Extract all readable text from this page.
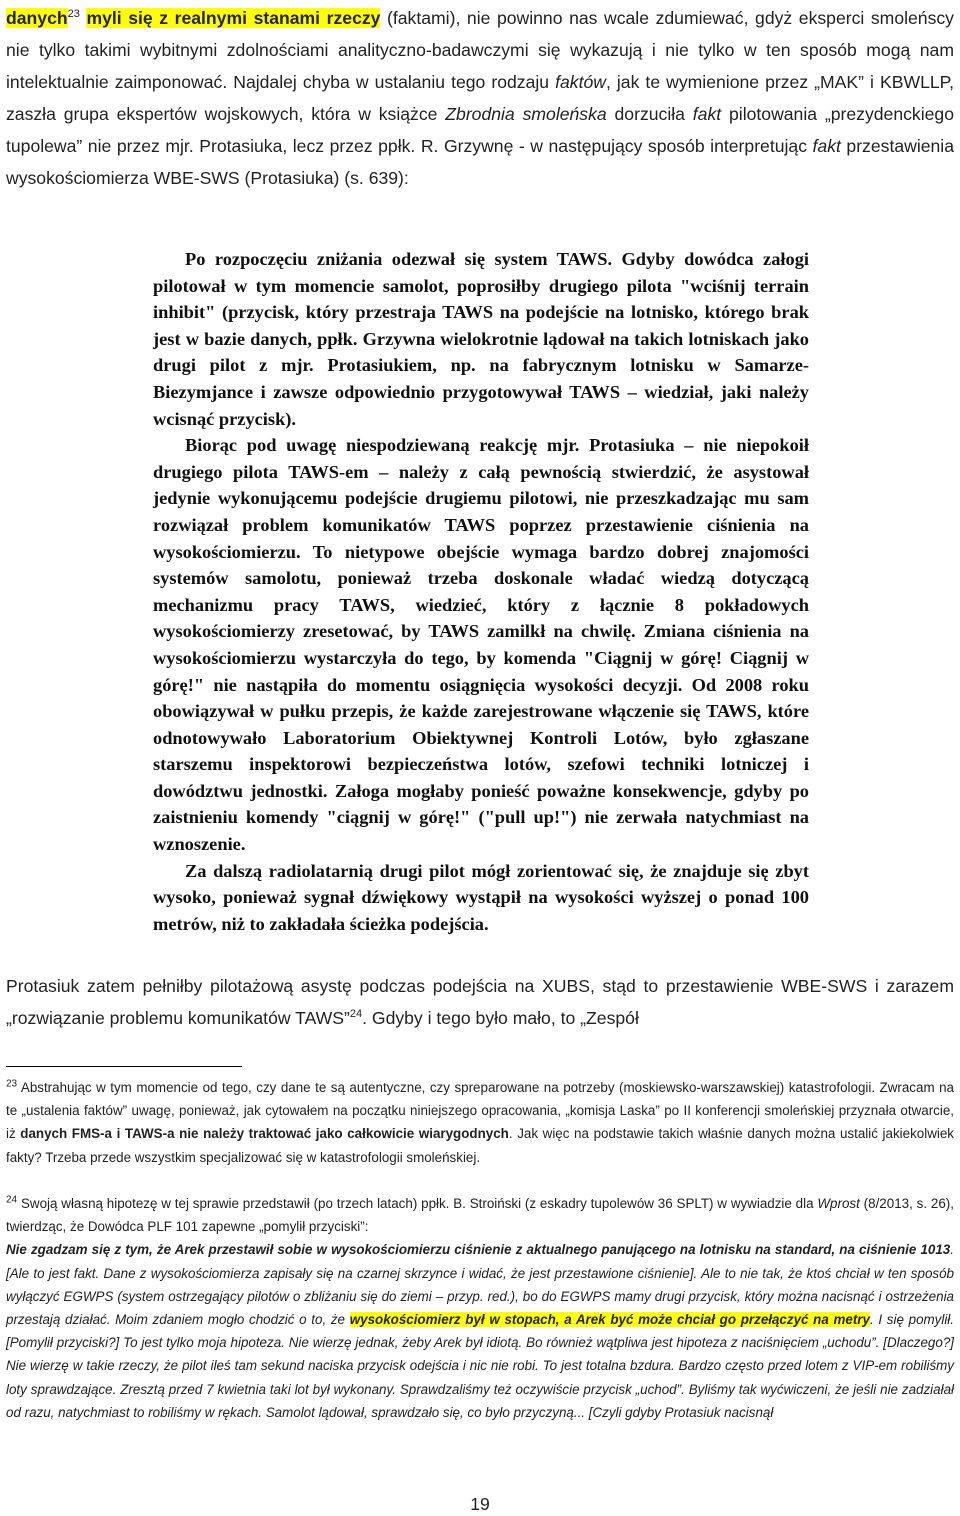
danych$^{23}$ myli się z realnymi stanami rzeczy (faktami), nie powinno nas wcale zdumiewać, gdyż eksperci smoleńscy nie tylko takimi wybitnymi zdolnościami analityczno-badawczymi się wykazują i nie tylko w ten sposób mogą nam intelektualnie zaimponować. Najdalej chyba w ustalaniu tego rodzaju faktów, jak te wymienione przez „MAK” i KBWLLP, zaszła grupa ekspertów wojskowych, która w książce Zbrodnia smoleńska dorzuciła fakt pilotowania „prezydenckiego tupolewa” nie przez mjr. Protasiuka, lecz przez ppłk. R. Grzywnę - w następujący sposób interpretując fakt przestawienia wysokościomierza WBE-SWS (Protasiuka) (s. 639):

Po rozpoczęciu zniżania odezwał się system TAWS. Gdyby dowódca załogi pilotował w tym momencie samolot, poprosiłby drugiego pilota "wciśnij terrain inhibit" (przycisk, który przestraja TAWS na podejście na lotnisko, którego brak jest w bazie danych, ppłk. Grzywna wielokrotnie lądował na takich lotniskach jako drugi pilot z mjr. Protasiukiem, np. na fabrycznym lotnisku w Samarze-Biezymjance i zawsze odpowiednio przygotowywał TAWS – wiedział, jaki należy wcisnąć przycisk).

Biorąc pod uwagę niespodziewaną reakcję mjr. Protasiuka – nie niepokoił drugiego pilota TAWS-em – należy z całą pewnością stwierdzić, że asystował jedynie wykonującemu podejście drugiemu pilotowi, nie przeszkadzając mu sam rozwiązał problem komunikatów TAWS poprzez przestawienie ciśnienia na wysokościomierzu. To nietypowe obejście wymaga bardzo dobrej znajomości systemów samolotu, ponieważ trzeba doskonale władać wiedzą dotyczącą mechanizmu pracy TAWS, wiedzieć, który z łącznie 8 pokładowych wysokościomierzy zresetować, by TAWS zamilkł na chwilę. Zmiana ciśnienia na wysokościomierzu wystarczyła do tego, by komenda "Ciągnij w górę! Ciągnij w górę!" nie nastąpiła do momentu osiągnięcia wysokości decyzji. Od 2008 roku obowiązywał w pułku przepis, że każde zarejestrowane włączenie się TAWS, które odnotowywało Laboratorium Obiektywnej Kontroli Lotów, było zgłaszane starszemu inspektorowi bezpieczeństwa lotów, szefowi techniki lotniczej i dowództwu jednostki. Załoga mogłaby ponieść poważne konsekwencje, gdyby po zaistnieniu komendy "ciągnij w górę!" ("pull up!") nie zerwała natychmiast na wznoszenie.

Za dalszą radiolatarnią drugi pilot mógł zorientować się, że znajduje się zbyt wysoko, ponieważ sygnał dźwiękowy wystąpił na wysokości wyższej o ponad 100 metrów, niż to zakładała ścieżka podejścia.

Protasiuk zatem pełniłby pilotażową asystę podczas podejścia na XUBS, stąd to przestawienie WBE-SWS i zarazem „rozwiązanie problemu komunikatów TAWS”$^{24}$. Gdyby i tego było mało, to „Zespół
$^{23}$ Abstrahując w tym momencie od tego, czy dane te są autentyczne, czy spreparowane na potrzeby (moskiewsko-warszawskiej) katastrofologii. Zwracam na te „ustalenia faktów” uwagę, ponieważ, jak cytowałem na początku niniejszego opracowania, „komisja Laska” po II konferencji smoleńskiej przyznała otwarcie, iż danych FMS-a i TAWS-a nie należy traktować jako całkowicie wiarygodnych. Jak więc na podstawie takich właśnie danych można ustalić jakiekolwiek fakty? Trzeba przede wszystkim specjalizować się w katastrofologii smoleńskiej.
$^{24}$ Swoją własną hipotezę w tej sprawie przedstawił (po trzech latach) ppłk. B. Stroiński (z eskadry tupolewów 36 SPLT) w wywiadzie dla Wprost (8/2013, s. 26), twierdząc, że Dowódca PLF 101 zapewne „pomylił przyciski”:
Nie zgadzam się z tym, że Arek przestawił sobie w wysokościomierzu ciśnienie z aktualnego panującego na lotnisku na standard, na ciśnienie 1013. [Ale to jest fakt. Dane z wysokościomierza zapisały się na czarnej skrzynce i widać, że jest przestawione ciśnienie]. Ale to nie tak, że ktoś chciał w ten sposób wyłączyć EGWPS (system ostrzegający pilotów o zbliżaniu się do ziemi – przyp. red.), bo do EGWPS mamy drugi przycisk, który można nacisnąć i ostrzeżenia przestają działać. Moim zdaniem mogło chodzić o to, że wysokościomierz był w stopach, a Arek być może chciał go przełączyć na metry. I się pomylił. [Pomylił przyciski?] To jest tylko moja hipoteza. Nie wierzę jednak, żeby Arek był idiotą. Bo również wątpliwa jest hipoteza z naciśnięciem „uchodu”. [Dlaczego?] Nie wierzę w takie rzeczy, że pilot ileś tam sekund naciska przycisk odejścia i nic nie robi. To jest totalna bzdura. Bardzo często przed lotem z VIP-em robiliśmy loty sprawdzające. Zresztą przed 7 kwietnia taki lot był wykonany. Sprawdzaliśmy też oczywiście przycisk „uchod”. Byliśmy tak wyćwiczeni, że jeśli nie zadziałał od razu, natychmiast to robiliśmy w rękach. Samolot lądował, sprawdzało się, co było przyczyną... [Czyli gdyby Protasiuk nacisnął
19
